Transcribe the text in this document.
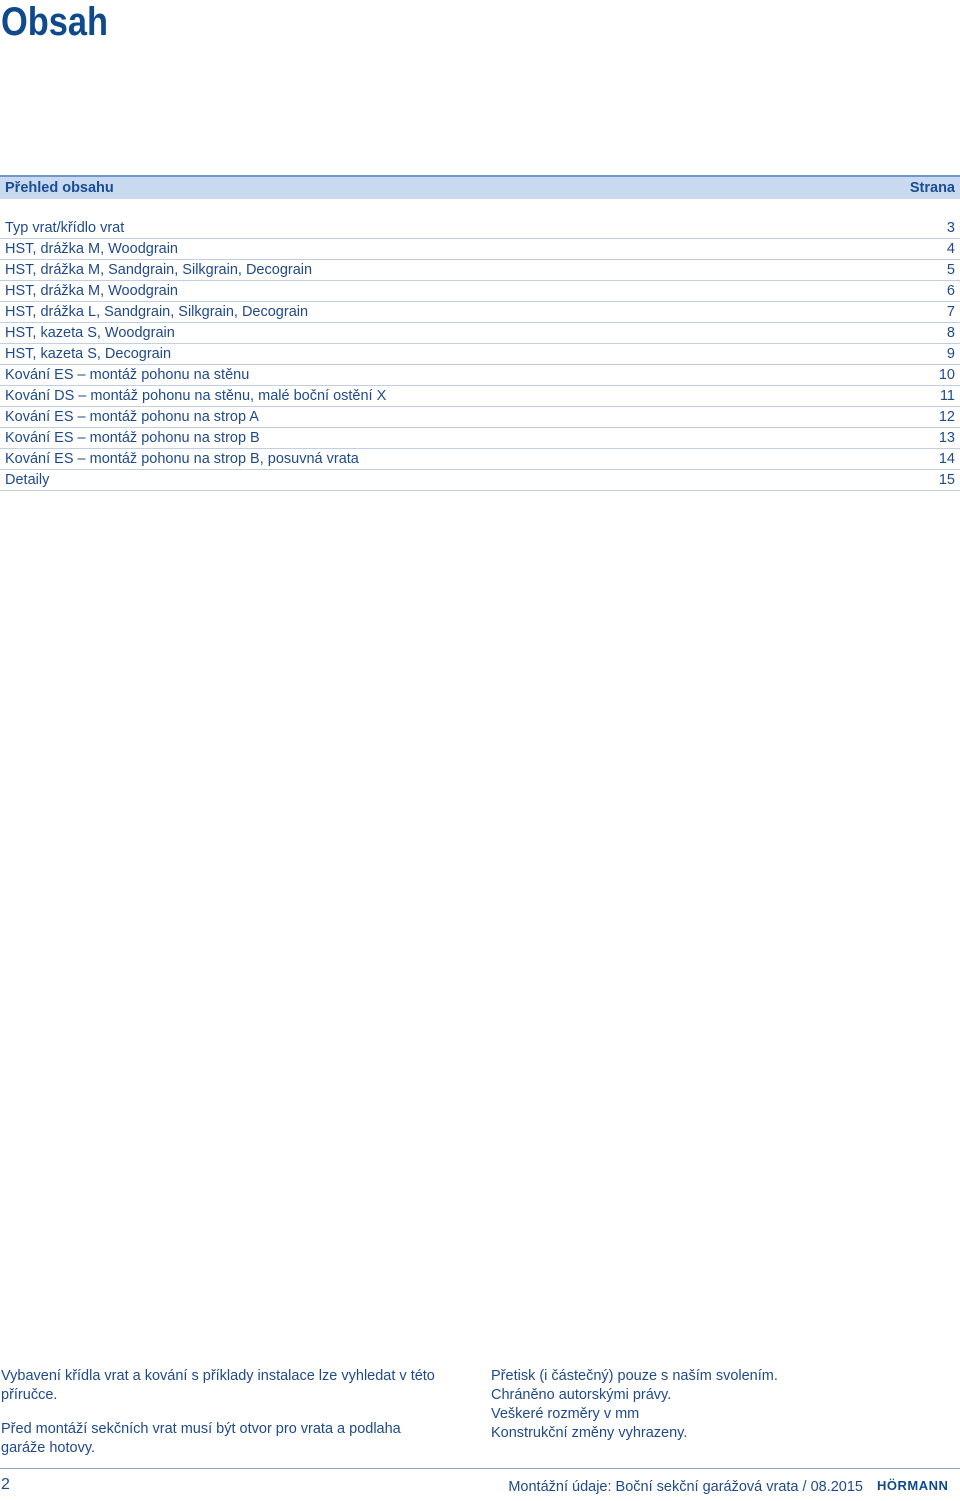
Obsah
Přehled obsahu	Strana
Typ vrat/křídlo vrat	3
HST, drážka M, Woodgrain	4
HST, drážka M, Sandgrain, Silkgrain, Decograin	5
HST, drážka M, Woodgrain	6
HST, drážka L, Sandgrain, Silkgrain, Decograin	7
HST, kazeta S, Woodgrain	8
HST, kazeta S, Decograin	9
Kování ES – montáž pohonu na stěnu	10
Kování DS – montáž pohonu na stěnu, malé boční ostění X	11
Kování ES – montáž pohonu na strop A	12
Kování ES – montáž pohonu na strop B	13
Kování ES – montáž pohonu na strop B, posuvná vrata	14
Detaily	15

Vybavení křídla vrat a kování s příklady instalace lze vyhledat v této příručce.

Před montáží sekčních vrat musí být otvor pro vrata a podlaha garáže hotovy.

Přetisk (i částečný) pouze s naším svolením.

Chráněno autorskými právy.

Veškeré rozměry v mm

Konstrukční změny vyhrazeny.

2	Montážní údaje: Boční sekční garážová vrata / 08.2015 HÖRMANN
